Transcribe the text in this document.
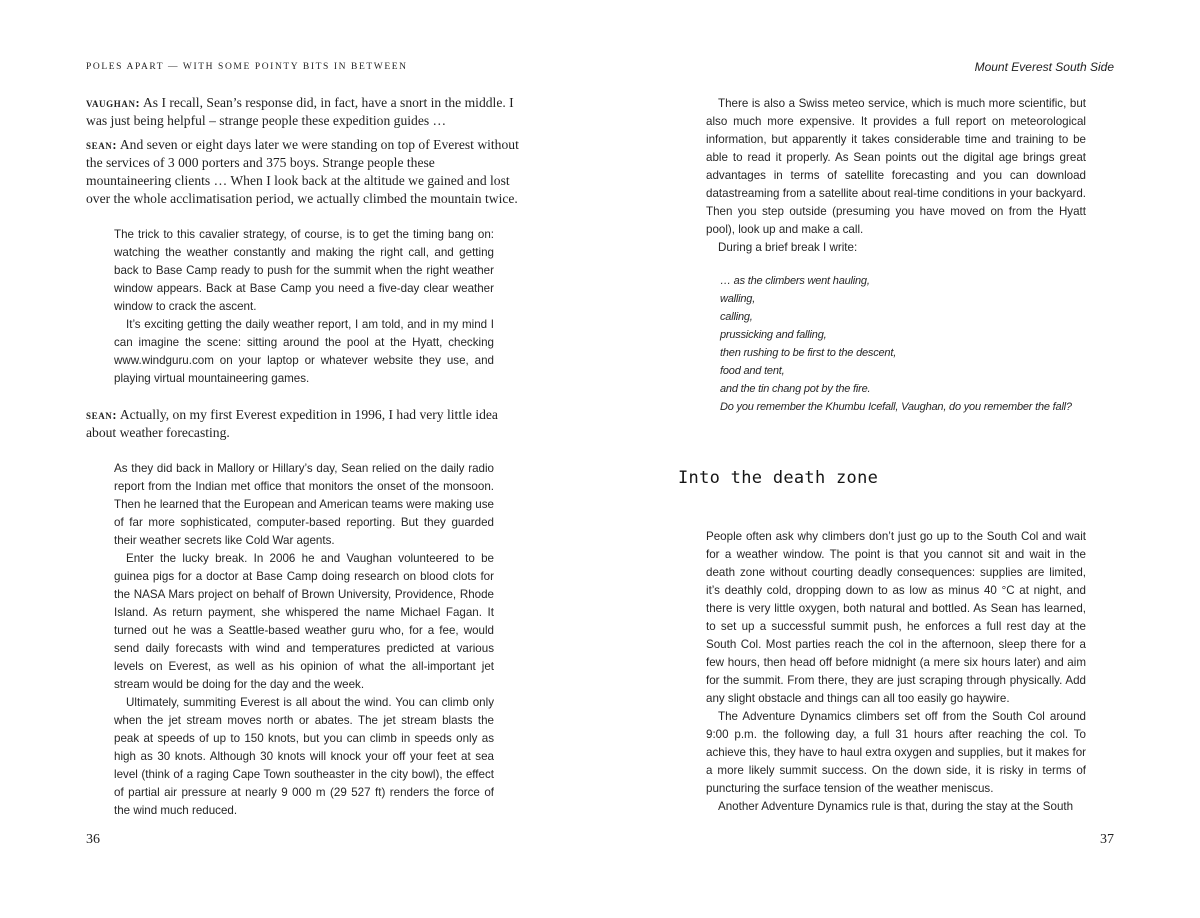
POLES APART — WITH SOME POINTY BITS IN BETWEEN

vaughan: As I recall, Sean’s response did, in fact, have a snort in the middle. I was just being helpful – strange people these expedition guides …

sean: And seven or eight days later we were standing on top of Everest without the services of 3 000 porters and 375 boys. Strange people these mountaineering clients … When I look back at the altitude we gained and lost over the whole acclimatisation period, we actually climbed the mountain twice.

The trick to this cavalier strategy, of course, is to get the timing bang on: watching the weather constantly and making the right call, and getting back to Base Camp ready to push for the summit when the right weather window appears. Back at Base Camp you need a five-day clear weather window to crack the ascent.

It’s exciting getting the daily weather report, I am told, and in my mind I can imagine the scene: sitting around the pool at the Hyatt, checking www.windguru.com on your laptop or whatever website they use, and playing virtual mountaineering games.

sean: Actually, on my first Everest expedition in 1996, I had very little idea about weather forecasting.

As they did back in Mallory or Hillary’s day, Sean relied on the daily radio report from the Indian met office that monitors the onset of the monsoon. Then he learned that the European and American teams were making use of far more sophisticated, computer-based reporting. But they guarded their weather secrets like Cold War agents.

Enter the lucky break. In 2006 he and Vaughan volunteered to be guinea pigs for a doctor at Base Camp doing research on blood clots for the NASA Mars project on behalf of Brown University, Providence, Rhode Island. As return payment, she whispered the name Michael Fagan. It turned out he was a Seattle-based weather guru who, for a fee, would send daily forecasts with wind and temperatures predicted at various levels on Everest, as well as his opinion of what the all-important jet stream would be doing for the day and the week.

Ultimately, summiting Everest is all about the wind. You can climb only when the jet stream moves north or abates. The jet stream blasts the peak at speeds of up to 150 knots, but you can climb in speeds only as high as 30 knots. Although 30 knots will knock your off your feet at sea level (think of a raging Cape Town southeaster in the city bowl), the effect of partial air pressure at nearly 9 000 m (29 527 ft) renders the force of the wind much reduced.

36
Mount Everest South Side

There is also a Swiss meteo service, which is much more scientific, but also much more expensive. It provides a full report on meteorological information, but apparently it takes considerable time and training to be able to read it properly. As Sean points out the digital age brings great advantages in terms of satellite forecasting and you can download datastreaming from a satellite about real-time conditions in your backyard. Then you step outside (presuming you have moved on from the Hyatt pool), look up and make a call.

During a brief break I write:

… as the climbers went hauling,
walling,
calling,
prussicking and falling,
then rushing to be first to the descent,
food and tent,
and the tin chang pot by the fire.
Do you remember the Khumbu Icefall, Vaughan, do you remember the fall?
Into the death zone

People often ask why climbers don’t just go up to the South Col and wait for a weather window. The point is that you cannot sit and wait in the death zone without courting deadly consequences: supplies are limited, it’s deathly cold, dropping down to as low as minus 40 °C at night, and there is very little oxygen, both natural and bottled. As Sean has learned, to set up a successful summit push, he enforces a full rest day at the South Col. Most parties reach the col in the afternoon, sleep there for a few hours, then head off before midnight (a mere six hours later) and aim for the summit. From there, they are just scraping through physically. Add any slight obstacle and things can all too easily go haywire.

The Adventure Dynamics climbers set off from the South Col around 9:00 p.m. the following day, a full 31 hours after reaching the col. To achieve this, they have to haul extra oxygen and supplies, but it makes for a more likely summit success. On the down side, it is risky in terms of puncturing the surface tension of the weather meniscus.

Another Adventure Dynamics rule is that, during the stay at the South

37
